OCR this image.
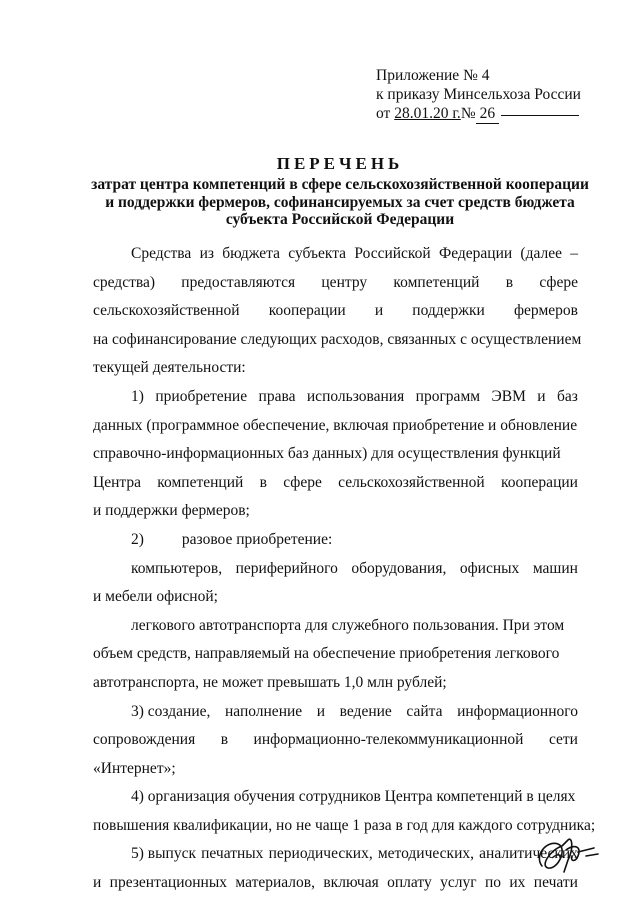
Приложение № 4
к приказу Минсельхоза России
от 28.01.20 г.№ 26
ПЕРЕЧЕНЬ
затрат центра компетенций в сфере сельскохозяйственной кооперации
и поддержки фермеров, софинансируемых за счет средств бюджета
субъекта Российской Федерации
Средства из бюджета субъекта Российской Федерации (далее –
средства) предоставляются центру компетенций в сфере
сельскохозяйственной кооперации и поддержки фермеров
на софинансирование следующих расходов, связанных с осуществлением
текущей деятельности:
1) приобретение права использования программ ЭВМ и баз
данных (программное обеспечение, включая приобретение и обновление
справочно-информационных баз данных) для осуществления функций
Центра компетенций в сфере сельскохозяйственной кооперации
и поддержки фермеров;
2) разовое приобретение:
компьютеров, периферийного оборудования, офисных машин
и мебели офисной;
легкового автотранспорта для служебного пользования. При этом
объем средств, направляемый на обеспечение приобретения легкового
автотранспорта, не может превышать 1,0 млн рублей;
3) создание, наполнение и ведение сайта информационного
сопровождения в информационно-телекоммуникационной сети
«Интернет»;
4) организация обучения сотрудников Центра компетенций в целях
повышения квалификации, но не чаще 1 раза в год для каждого сотрудника;
5) выпуск печатных периодических, методических, аналитических
и презентационных материалов, включая оплату услуг по их печати
